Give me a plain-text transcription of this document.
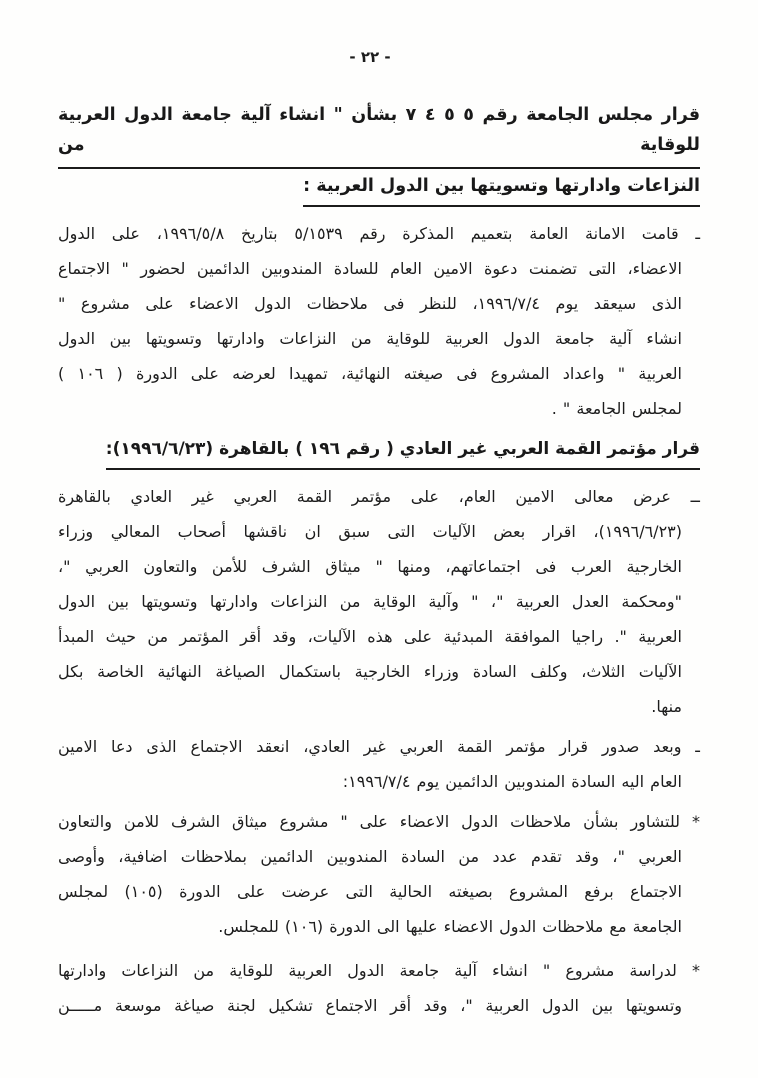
- ٢٢ -
قرار مجلس الجامعة رقم ٥ ٥ ٤ ٧ بشأن " انشاء آلية جامعة الدول العربية للوقاية من
النزاعات وادارتها وتسويتها بين الدول العربية :
ـ قامت الامانة العامة بتعميم المذكرة رقم ٥/١٥٣٩ بتاريخ ١٩٩٦/٥/٨، على الدول
الاعضاء، التى تضمنت دعوة الامين العام للسادة المندوبين الدائمين لحضور " الاجتماع
الذى سيعقد يوم ١٩٩٦/٧/٤، للنظر فى ملاحظات الدول الاعضاء على مشروع "
انشاء آلية جامعة الدول العربية للوقاية من النزاعات وادارتها وتسويتها بين الدول
العربية " واعداد المشروع فى صيغته النهائية، تمهيدا لعرضه على الدورة ( ١٠٦ )
لمجلس الجامعة " .
قرار مؤتمر القمة العربي غير العادي ( رقم ١٩٦ ) بالقاهرة (١٩٩٦/٦/٢٣):
ــ عرض معالى الامين العام، على مؤتمر القمة العربي غير العادي بالقاهرة
(١٩٩٦/٦/٢٣)، اقرار بعض الآليات التى سبق ان ناقشها أصحاب المعالي وزراء
الخارجية العرب فى اجتماعاتهم، ومنها " ميثاق الشرف للأمن والتعاون العربي "،
"ومحكمة العدل العربية "، " وآلية الوقاية من النزاعات وادارتها وتسويتها بين الدول
العربية ". راجيا الموافقة المبدئية على هذه الآليات، وقد أقر المؤتمر من حيث المبدأ
الآليات الثلاث، وكلف السادة وزراء الخارجية باستكمال الصياغة النهائية الخاصة بكل
منها.
ـ وبعد صدور قرار مؤتمر القمة العربي غير العادي، انعقد الاجتماع الذى دعا الامين
العام اليه السادة المندوبين الدائمين يوم ١٩٩٦/٧/٤:
* للتشاور بشأن ملاحظات الدول الاعضاء على " مشروع ميثاق الشرف للامن والتعاون
العربي "، وقد تقدم عدد من السادة المندوبين الدائمين بملاحظات اضافية، وأوصى
الاجتماع برفع المشروع بصيغته الحالية التى عرضت على الدورة (١٠٥) لمجلس
الجامعة مع ملاحظات الدول الاعضاء عليها الى الدورة (١٠٦) للمجلس.
* لدراسة مشروع " انشاء آلية جامعة الدول العربية للوقاية من النزاعات وادارتها
وتسويتها بين الدول العربية "، وقد أقر الاجتماع تشكيل لجنة صياغة موسعة مـــــن
